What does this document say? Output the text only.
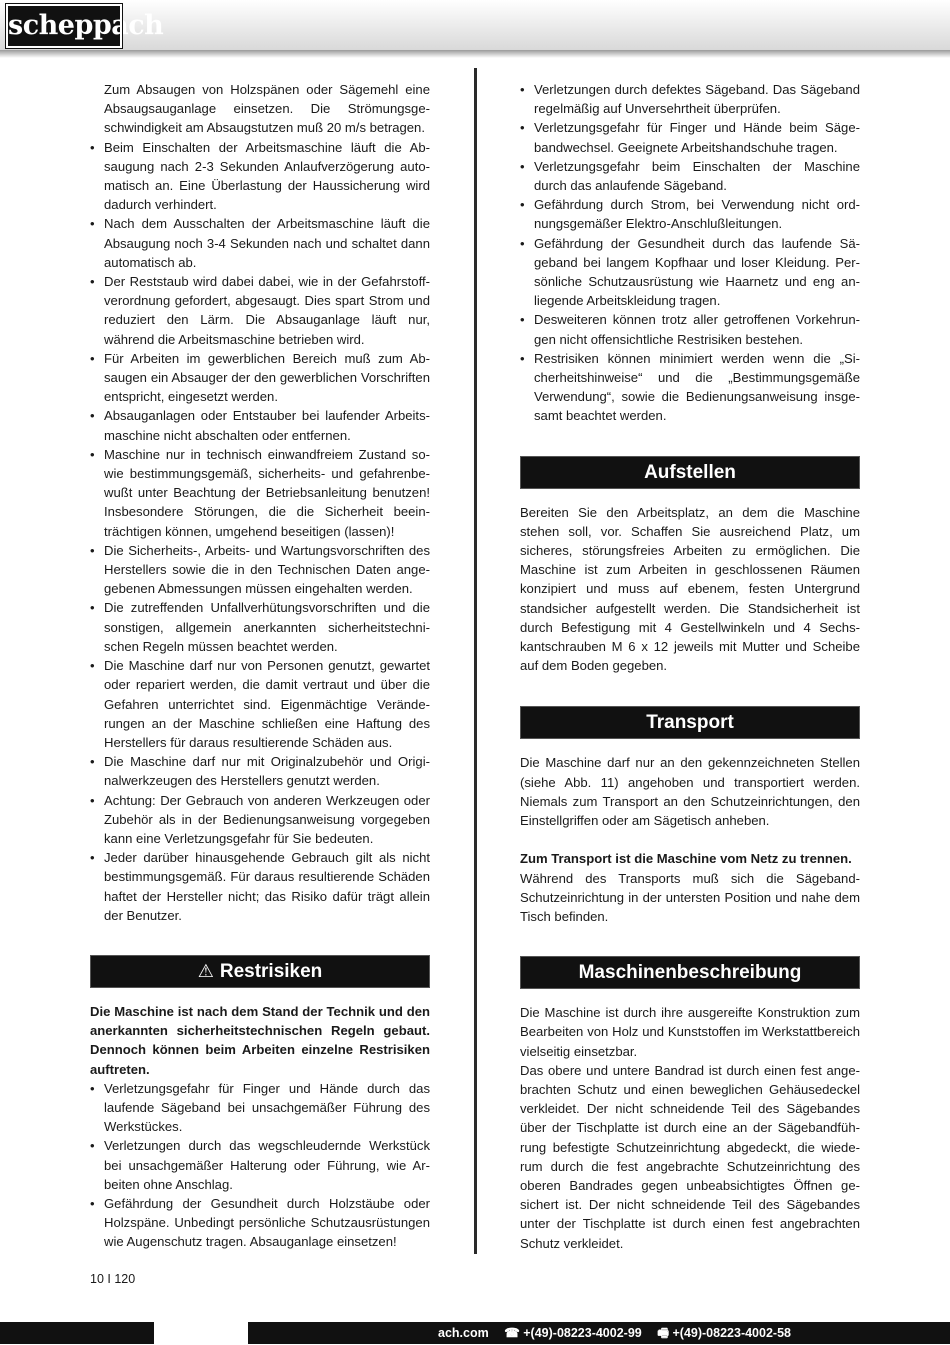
scheppach

Zum Absaugen von Holzspänen oder Sägemehl eine Absaugsauganlage einsetzen. Die Strömungsgeschwindigkeit am Absaugstutzen muß 20 m/s betragen.

• Beim Einschalten der Arbeitsmaschine läuft die Absaugung nach 2-3 Sekunden Anlaufverzögerung automatisch an. Eine Überlastung der Haussicherung wird dadurch verhindert.
• Nach dem Ausschalten der Arbeitsmaschine läuft die Absaugung noch 3-4 Sekunden nach und schaltet dann automatisch ab.
• Der Reststaub wird dabei dabei, wie in der Gefahrstoffverordnung gefordert, abgesaugt. Dies spart Strom und reduziert den Lärm. Die Absauganlage läuft nur, während die Arbeitsmaschine betrieben wird.
• Für Arbeiten im gewerblichen Bereich muß zum Absaugen ein Absauger der den gewerblichen Vorschriften entspricht, eingesetzt werden.
• Absauganlagen oder Entstauber bei laufender Arbeitsmaschine nicht abschalten oder entfernen.
• Maschine nur in technisch einwandfreiem Zustand sowie bestimmungsgemäß, sicherheits- und gefahrenbewußt unter Beachtung der Betriebsanleitung benutzen! Insbesondere Störungen, die die Sicherheit beeinträchtigen können, umgehend beseitigen (lassen)!
• Die Sicherheits-, Arbeits- und Wartungsvorschriften des Herstellers sowie die in den Technischen Daten angegebenen Abmessungen müssen eingehalten werden.
• Die zutreffenden Unfallverhütungsvorschriften und die sonstigen, allgemein anerkannten sicherheitstechnischen Regeln müssen beachtet werden.
• Die Maschine darf nur von Personen genutzt, gewartet oder repariert werden, die damit vertraut und über die Gefahren unterrichtet sind. Eigenmächtige Veränderungen an der Maschine schließen eine Haftung des Herstellers für daraus resultierende Schäden aus.
• Die Maschine darf nur mit Originalzubehör und Originalwerkzeugen des Herstellers genutzt werden.
• Achtung: Der Gebrauch von anderen Werkzeugen oder Zubehör als in der Bedienungsanweisung vorgegeben kann eine Verletzungsgefahr für Sie bedeuten.
• Jeder darüber hinausgehende Gebrauch gilt als nicht bestimmungsgemäß. Für daraus resultierende Schäden haftet der Hersteller nicht; das Risiko dafür trägt allein der Benutzer.
⚠ Restrisiken

Die Maschine ist nach dem Stand der Technik und den anerkannten sicherheitstechnischen Regeln gebaut. Dennoch können beim Arbeiten einzelne Restrisiken auftreten.

• Verletzungsgefahr für Finger und Hände durch das laufende Sägeband bei unsachgemäßer Führung des Werkstückes.
• Verletzungen durch das wegschleudernde Werkstück bei unsachgemäßer Halterung oder Führung, wie Arbeiten ohne Anschlag.
• Gefährdung der Gesundheit durch Holzstäube oder Holzspäne. Unbedingt persönliche Schutzausrüstungen wie Augenschutz tragen. Absauganlage einsetzen!
• Verletzungen durch defektes Sägeband. Das Sägeband regelmäßig auf Unversehrtheit überprüfen.
• Verletzungsgefahr für Finger und Hände beim Sägebandwechsel. Geeignete Arbeitshandschuhe tragen.
• Verletzungsgefahr beim Einschalten der Maschine durch das anlaufende Sägeband.
• Gefährdung durch Strom, bei Verwendung nicht ordnungsgemäßer Elektro-Anschlußleitungen.
• Gefährdung der Gesundheit durch das laufende Sägeband bei langem Kopfhaar und loser Kleidung. Persönliche Schutzausrüstung wie Haarnetz und eng anliegende Arbeitskleidung tragen.
• Desweiteren können trotz aller getroffenen Vorkehrungen nicht offensichtliche Restrisiken bestehen.
• Restrisiken können minimiert werden wenn die „Sicherheitshinweise“ und die „Bestimmungsgemäße Verwendung“, sowie die Bedienungsanweisung insgesamt beachtet werden.
Aufstellen

Bereiten Sie den Arbeitsplatz, an dem die Maschine stehen soll, vor. Schaffen Sie ausreichend Platz, um sicheres, störungsfreies Arbeiten zu ermöglichen. Die Maschine ist zum Arbeiten in geschlossenen Räumen konzipiert und muss auf ebenem, festen Untergrund standsicher aufgestellt werden. Die Standsicherheit ist durch Befestigung mit 4 Gestellwinkeln und 4 Sechskantschrauben M 6 x 12 jeweils mit Mutter und Scheibe auf dem Boden gegeben.

Transport

Die Maschine darf nur an den gekennzeichneten Stellen (siehe Abb. 11) angehoben und transportiert werden. Niemals zum Transport an den Schutzeinrichtungen, den Einstellgriffen oder am Sägetisch anheben.

Zum Transport ist die Maschine vom Netz zu trennen.

Während des Transports muß sich die Sägeband-Schutzeinrichtung in der untersten Position und nahe dem Tisch befinden.

Maschinenbeschreibung

Die Maschine ist durch ihre ausgereifte Konstruktion zum Bearbeiten von Holz und Kunststoffen im Werkstattbereich vielseitig einsetzbar.

Das obere und untere Bandrad ist durch einen fest angebrachten Schutz und einen beweglichen Gehäusedeckel verkleidet. Der nicht schneidende Teil des Sägebandes über der Tischplatte ist durch eine an der Sägebandführung befestigte Schutzeinrichtung abgedeckt, die wiederum durch die fest angebrachte Schutzeinrichtung des oberen Bandrades gegen unbeabsichtigtes Öffnen gesichert ist. Der nicht schneidende Teil des Sägebandes unter der Tischplatte ist durch einen fest angebrachten Schutz verkleidet.

10 I 120
ach.com ☎ +(49)-08223-4002-99 🖷 +(49)-08223-4002-58
